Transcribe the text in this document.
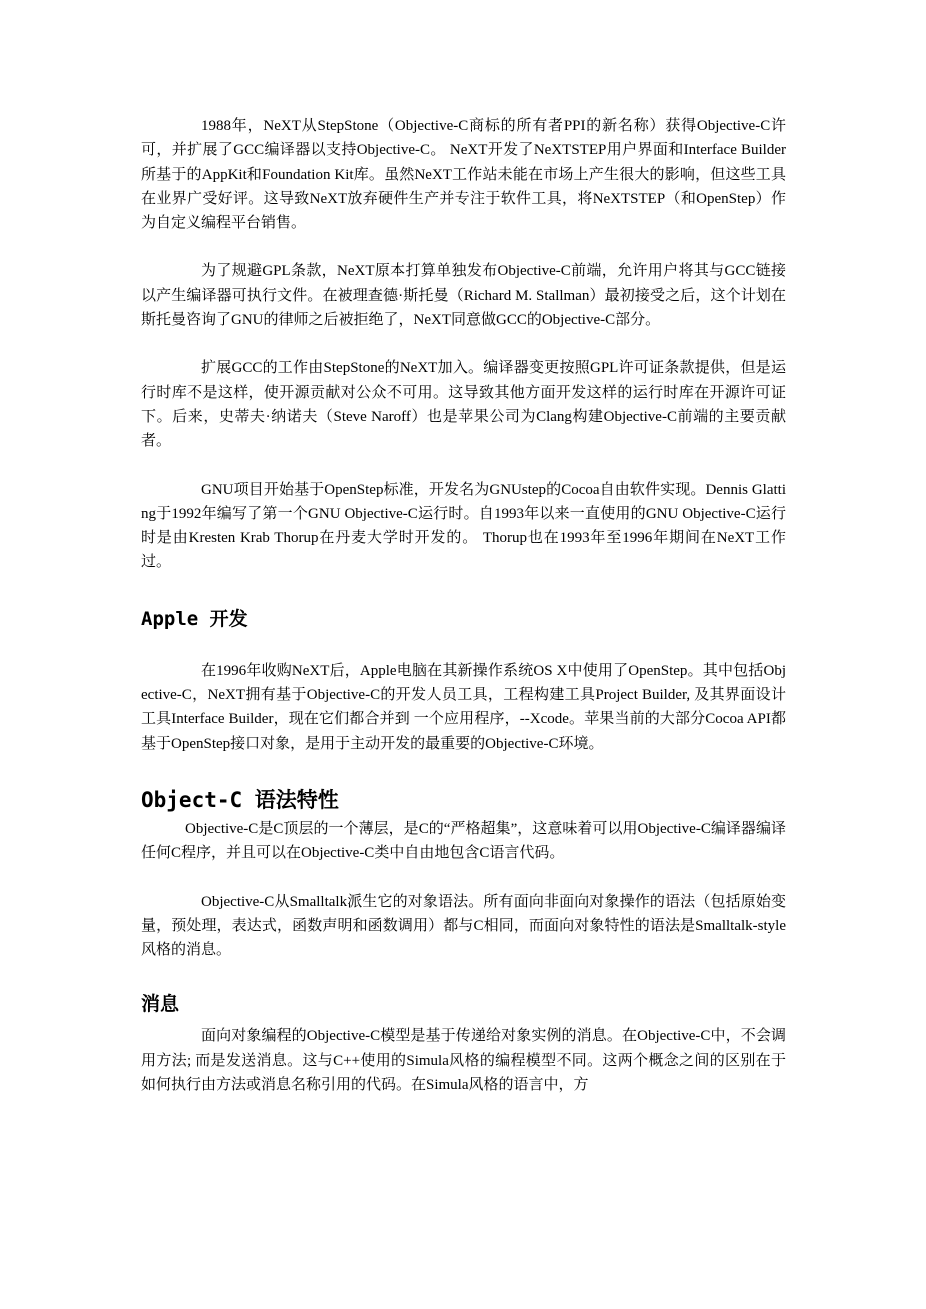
1988年，NeXT从StepStone（Objective-C商标的所有者PPI的新名称）获得Objective-C许可，并扩展了GCC编译器以支持Objective-C。 NeXT开发了NeXTSTEP用户界面和Interface Builder所基于的AppKit和Foundation Kit库。虽然NeXT工作站未能在市场上产生很大的影响，但这些工具在业界广受好评。这导致NeXT放弃硬件生产并专注于软件工具，将NeXTSTEP（和OpenStep）作为自定义编程平台销售。

为了规避GPL条款，NeXT原本打算单独发布Objective-C前端，允许用户将其与GCC链接以产生编译器可执行文件。在被理查德·斯托曼（Richard M. Stallman）最初接受之后，这个计划在斯托曼咨询了GNU的律师之后被拒绝了，NeXT同意做GCC的Objective-C部分。

扩展GCC的工作由StepStone的NeXT加入。编译器变更按照GPL许可证条款提供，但是运行时库不是这样，使开源贡献对公众不可用。这导致其他方面开发这样的运行时库在开源许可证下。后来，史蒂夫·纳诺夫（Steve Naroff）也是苹果公司为Clang构建Objective-C前端的主要贡献者。

GNU项目开始基于OpenStep标准，开发名为GNUstep的Cocoa自由软件实现。Dennis Glatting于1992年编写了第一个GNU Objective-C运行时。自1993年以来一直使用的GNU Objective-C运行时是由Kresten Krab Thorup在丹麦大学时开发的。 Thorup也在1993年至1996年期间在NeXT工作过。

Apple 开发

在1996年收购NeXT后，Apple电脑在其新操作系统OS X中使用了OpenStep。其中包括Objective-C，NeXT拥有基于Objective-C的开发人员工具，工程构建工具Project Builder, 及其界面设计工具Interface Builder，现在它们都合并到 一个应用程序，--Xcode。苹果当前的大部分Cocoa API都基于OpenStep接口对象，是用于主动开发的最重要的Objective-C环境。

Object-C 语法特性

Objective-C是C顶层的一个薄层，是C的“严格超集”，这意味着可以用Objective-C编译器编译任何C程序，并且可以在Objective-C类中自由地包含C语言代码。

Objective-C从Smalltalk派生它的对象语法。所有面向非面向对象操作的语法（包括原始变量，预处理，表达式，函数声明和函数调用）都与C相同，而面向对象特性的语法是Smalltalk-style风格的消息。

消息

面向对象编程的Objective-C模型是基于传递给对象实例的消息。在Objective-C中，不会调用方法; 而是发送消息。这与C++使用的Simula风格的编程模型不同。这两个概念之间的区别在于如何执行由方法或消息名称引用的代码。在Simula风格的语言中，方
